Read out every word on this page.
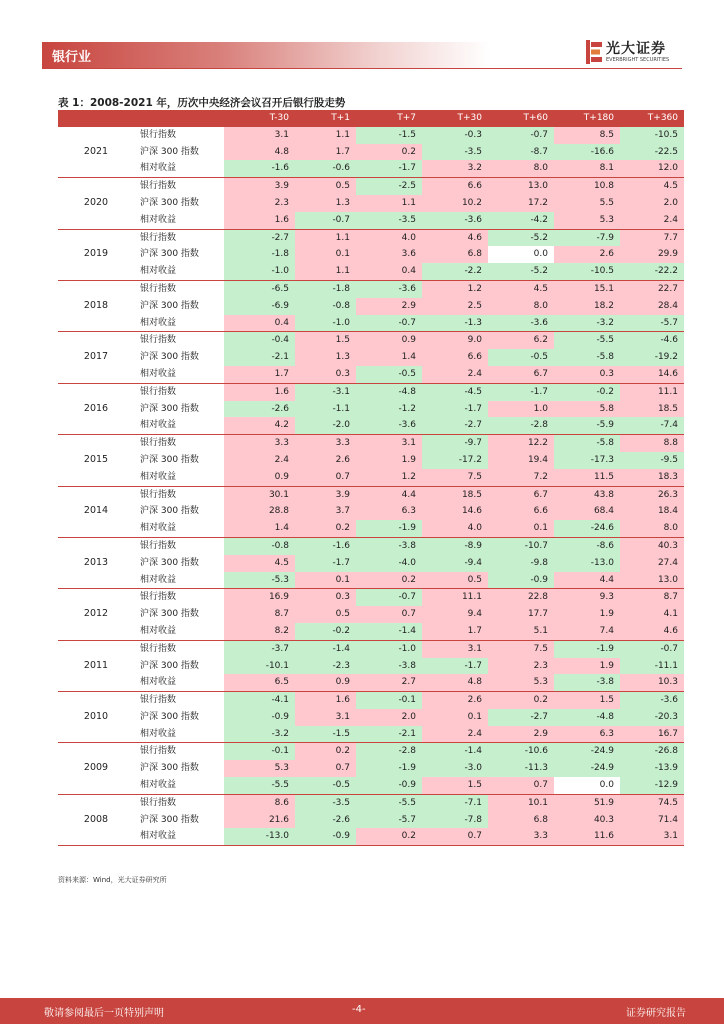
银行业
光大证券
EVERBRIGHT SECURITIES
表 1：2008-2021 年，历次中央经济会议召开后银行股走势
		T-30	T+1	T+7	T+30	T+60	T+180	T+360
2021	银行指数	3.1	1.1	-1.5	-0.3	-0.7	8.5	-10.5
	沪深 300 指数	4.8	1.7	0.2	-3.5	-8.7	-16.6	-22.5
	相对收益	-1.6	-0.6	-1.7	3.2	8.0	8.1	12.0
2020	银行指数	3.9	0.5	-2.5	6.6	13.0	10.8	4.5
	沪深 300 指数	2.3	1.3	1.1	10.2	17.2	5.5	2.0
	相对收益	1.6	-0.7	-3.5	-3.6	-4.2	5.3	2.4
2019	银行指数	-2.7	1.1	4.0	4.6	-5.2	-7.9	7.7
	沪深 300 指数	-1.8	0.1	3.6	6.8	0.0	2.6	29.9
	相对收益	-1.0	1.1	0.4	-2.2	-5.2	-10.5	-22.2
2018	银行指数	-6.5	-1.8	-3.6	1.2	4.5	15.1	22.7
	沪深 300 指数	-6.9	-0.8	2.9	2.5	8.0	18.2	28.4
	相对收益	0.4	-1.0	-0.7	-1.3	-3.6	-3.2	-5.7
2017	银行指数	-0.4	1.5	0.9	9.0	6.2	-5.5	-4.6
	沪深 300 指数	-2.1	1.3	1.4	6.6	-0.5	-5.8	-19.2
	相对收益	1.7	0.3	-0.5	2.4	6.7	0.3	14.6
2016	银行指数	1.6	-3.1	-4.8	-4.5	-1.7	-0.2	11.1
	沪深 300 指数	-2.6	-1.1	-1.2	-1.7	1.0	5.8	18.5
	相对收益	4.2	-2.0	-3.6	-2.7	-2.8	-5.9	-7.4
2015	银行指数	3.3	3.3	3.1	-9.7	12.2	-5.8	8.8
	沪深 300 指数	2.4	2.6	1.9	-17.2	19.4	-17.3	-9.5
	相对收益	0.9	0.7	1.2	7.5	7.2	11.5	18.3
2014	银行指数	30.1	3.9	4.4	18.5	6.7	43.8	26.3
	沪深 300 指数	28.8	3.7	6.3	14.6	6.6	68.4	18.4
	相对收益	1.4	0.2	-1.9	4.0	0.1	-24.6	8.0
2013	银行指数	-0.8	-1.6	-3.8	-8.9	-10.7	-8.6	40.3
	沪深 300 指数	4.5	-1.7	-4.0	-9.4	-9.8	-13.0	27.4
	相对收益	-5.3	0.1	0.2	0.5	-0.9	4.4	13.0
2012	银行指数	16.9	0.3	-0.7	11.1	22.8	9.3	8.7
	沪深 300 指数	8.7	0.5	0.7	9.4	17.7	1.9	4.1
	相对收益	8.2	-0.2	-1.4	1.7	5.1	7.4	4.6
2011	银行指数	-3.7	-1.4	-1.0	3.1	7.5	-1.9	-0.7
	沪深 300 指数	-10.1	-2.3	-3.8	-1.7	2.3	1.9	-11.1
	相对收益	6.5	0.9	2.7	4.8	5.3	-3.8	10.3
2010	银行指数	-4.1	1.6	-0.1	2.6	0.2	1.5	-3.6
	沪深 300 指数	-0.9	3.1	2.0	0.1	-2.7	-4.8	-20.3
	相对收益	-3.2	-1.5	-2.1	2.4	2.9	6.3	16.7
2009	银行指数	-0.1	0.2	-2.8	-1.4	-10.6	-24.9	-26.8
	沪深 300 指数	5.3	0.7	-1.9	-3.0	-11.3	-24.9	-13.9
	相对收益	-5.5	-0.5	-0.9	1.5	0.7	0.0	-12.9
2008	银行指数	8.6	-3.5	-5.5	-7.1	10.1	51.9	74.5
	沪深 300 指数	21.6	-2.6	-5.7	-7.8	6.8	40.3	71.4
	相对收益	-13.0	-0.9	0.2	0.7	3.3	11.6	3.1
资料来源：Wind，光大证券研究所
敬请参阅最后一页特别声明	-4-	证券研究报告
